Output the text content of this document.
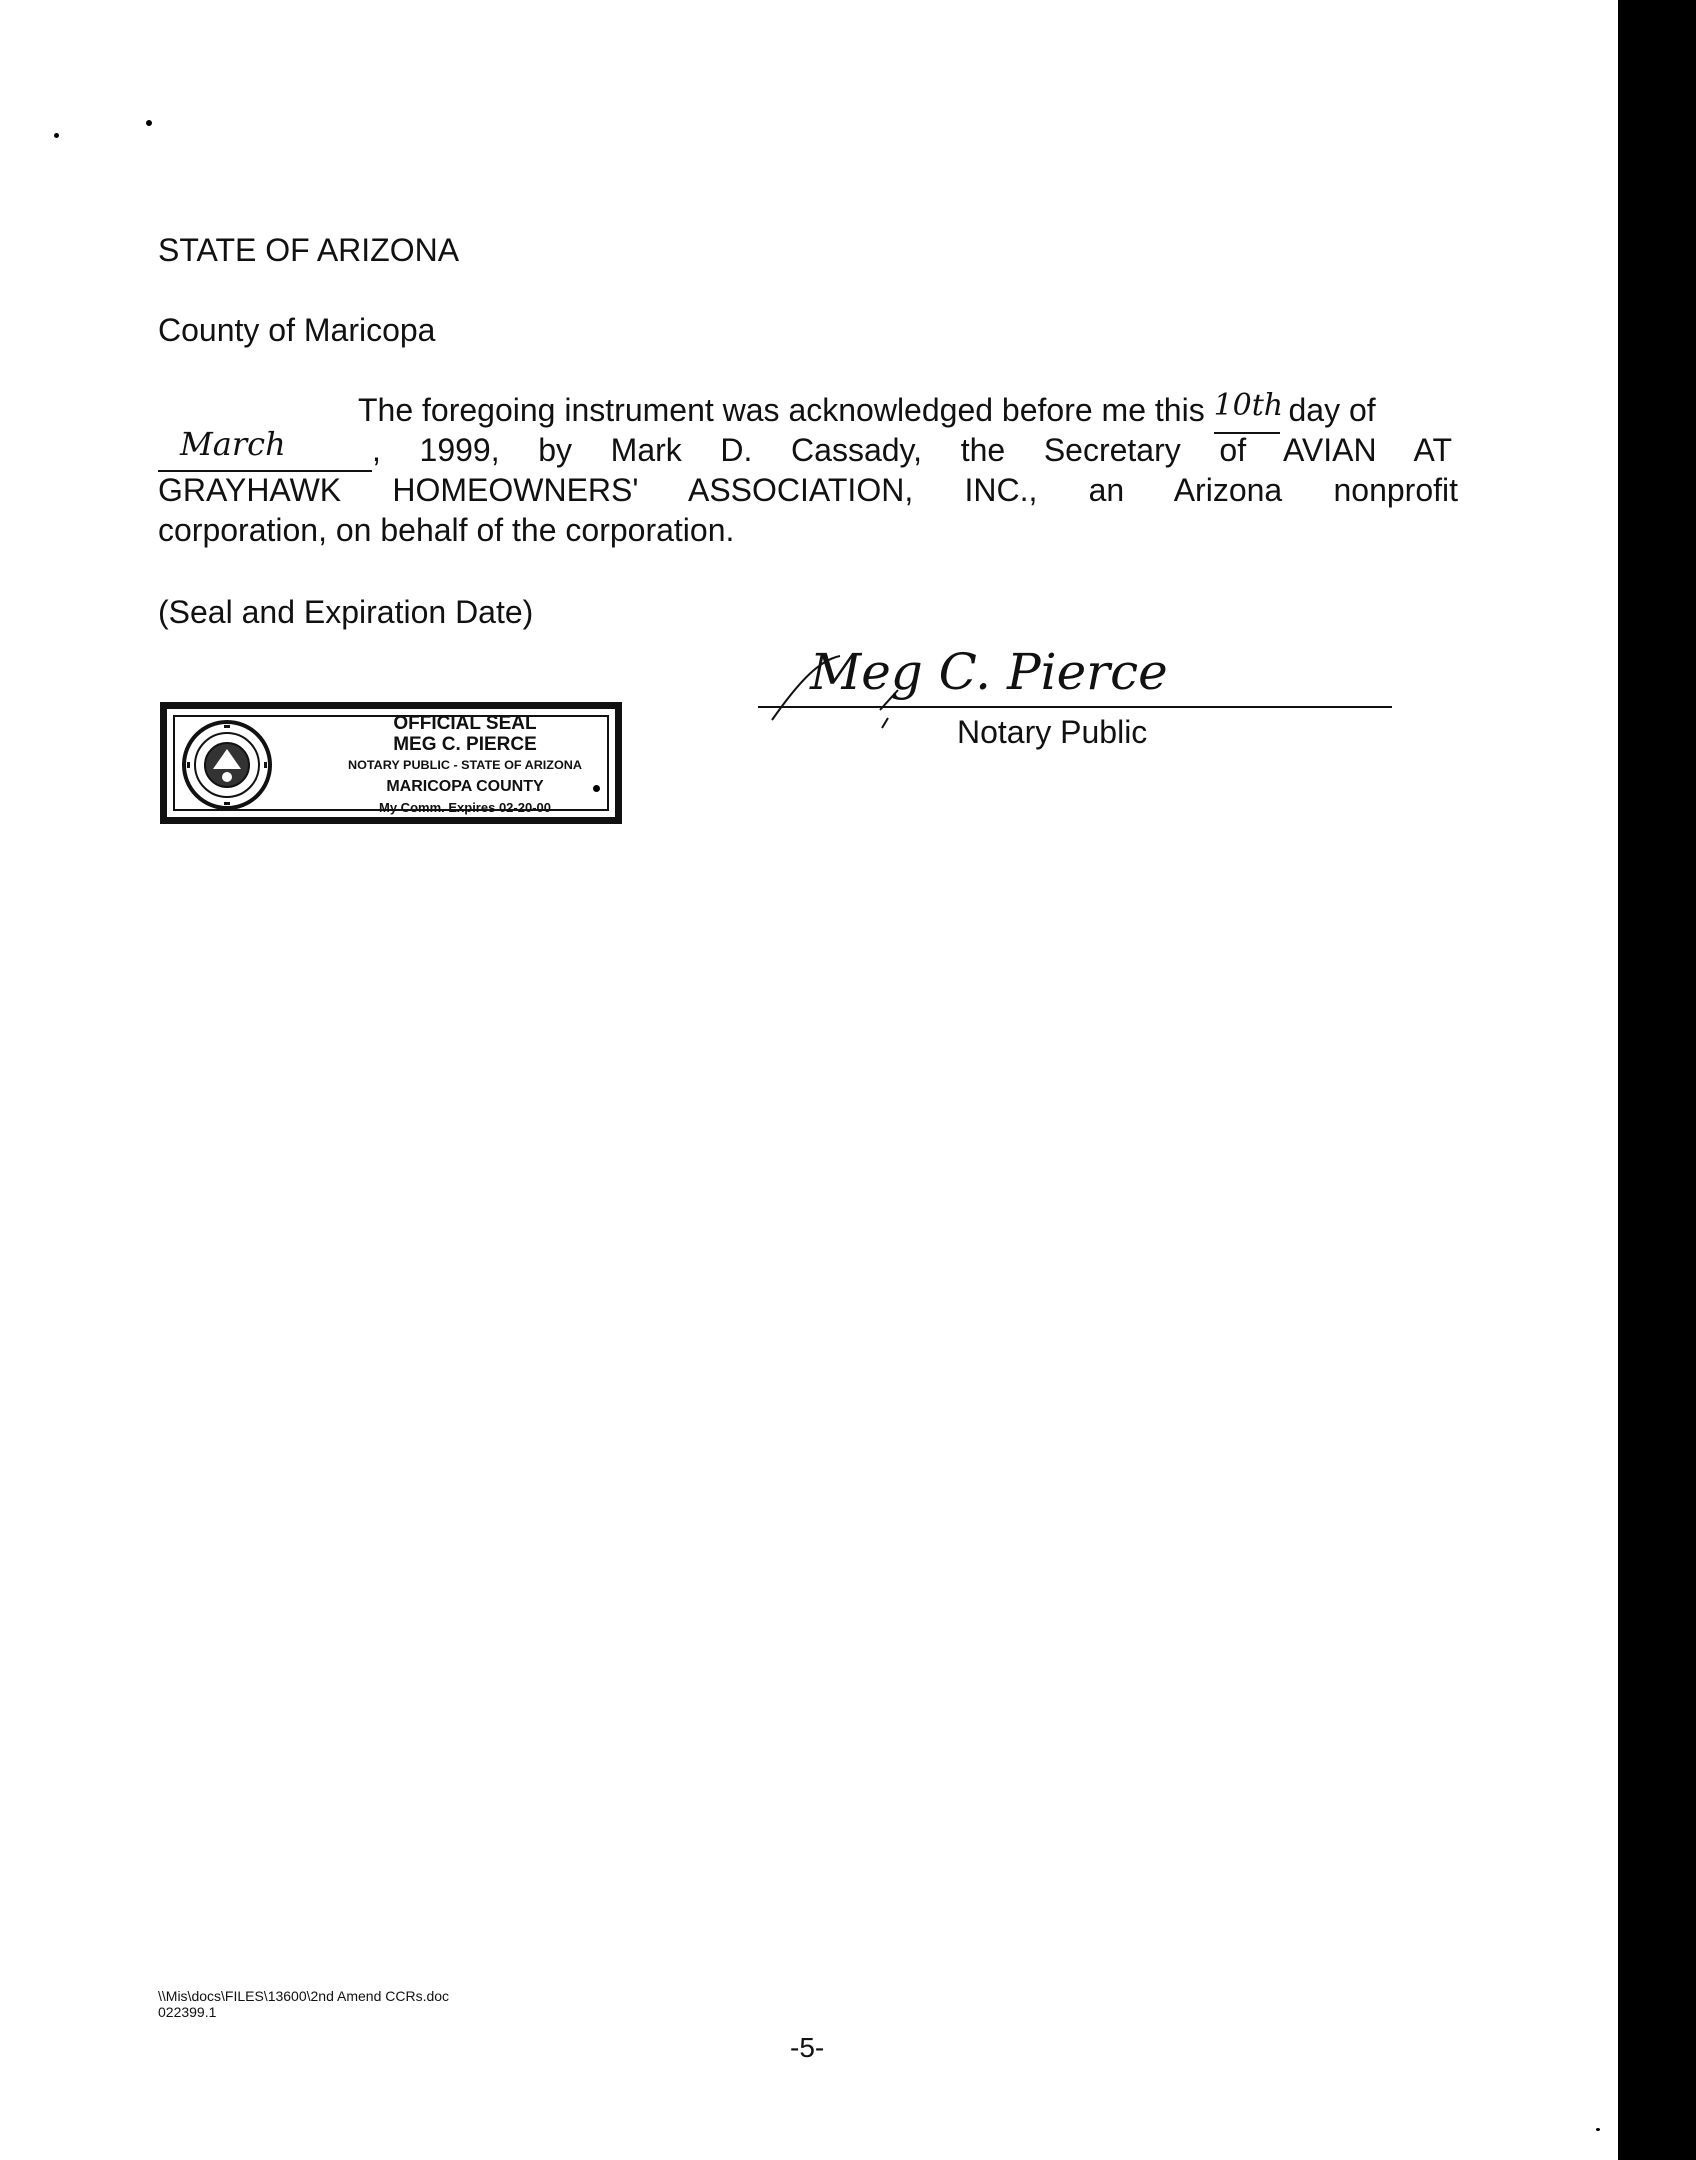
STATE OF ARIZONA
County of Maricopa
The foregoing instrument was acknowledged before me this 10th day of
March	, 1999, by Mark D. Cassady, the Secretary of AVIAN AT
GRAYHAWK HOMEOWNERS' ASSOCIATION, INC., an Arizona nonprofit
corporation, on behalf of the corporation.
(Seal and Expiration Date)
OFFICIAL SEAL
MEG C. PIERCE
NOTARY PUBLIC - STATE OF ARIZONA
MARICOPA COUNTY
My Comm. Expires 02-20-00
Meg C. Pierce
Notary Public
\\Mis\docs\FILES\13600\2nd Amend CCRs.doc
022399.1
-5-
